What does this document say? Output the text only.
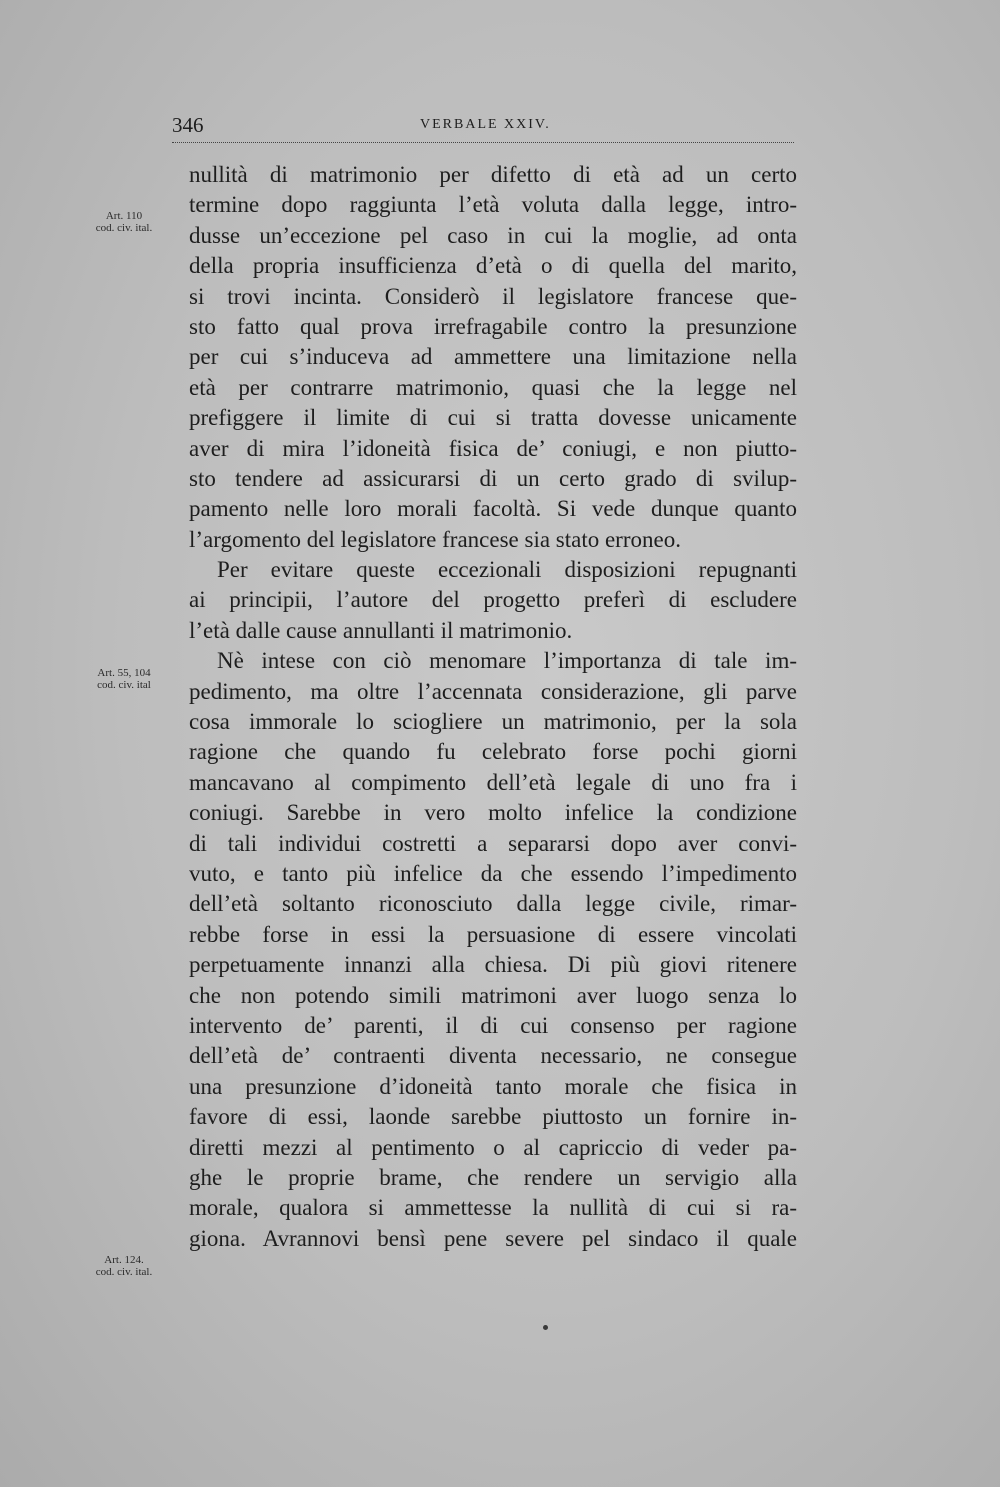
346	VERBALE XXIV.
Art. 110
cod. civ. ital.
Art. 55, 104
cod. civ. ital
Art. 124.
cod. civ. ital.
nullità di matrimonio per difetto di età ad un certo
termine dopo raggiunta l’età voluta dalla legge, intro-
dusse un’eccezione pel caso in cui la moglie, ad onta
della propria insufficienza d’età o di quella del marito,
si trovi incinta. Considerò il legislatore francese que-
sto fatto qual prova irrefragabile contro la presunzione
per cui s’induceva ad ammettere una limitazione nella
età per contrarre matrimonio, quasi che la legge nel
prefiggere il limite di cui si tratta dovesse unicamente
aver di mira l’idoneità fisica de’ coniugi, e non piutto-
sto tendere ad assicurarsi di un certo grado di svilup-
pamento nelle loro morali facoltà. Si vede dunque quanto
l’argomento del legislatore francese sia stato erroneo.
Per evitare queste eccezionali disposizioni repugnanti
ai principii, l’autore del progetto preferì di escludere
l’età dalle cause annullanti il matrimonio.
Nè intese con ciò menomare l’importanza di tale im-
pedimento, ma oltre l’accennata considerazione, gli parve
cosa immorale lo sciogliere un matrimonio, per la sola
ragione che quando fu celebrato forse pochi giorni
mancavano al compimento dell’età legale di uno fra i
coniugi. Sarebbe in vero molto infelice la condizione
di tali individui costretti a separarsi dopo aver convi-
vuto, e tanto più infelice da che essendo l’impedimento
dell’età soltanto riconosciuto dalla legge civile, rimar-
rebbe forse in essi la persuasione di essere vincolati
perpetuamente innanzi alla chiesa. Di più giovi ritenere
che non potendo simili matrimoni aver luogo senza lo
intervento de’ parenti, il di cui consenso per ragione
dell’età de’ contraenti diventa necessario, ne consegue
una presunzione d’idoneità tanto morale che fisica in
favore di essi, laonde sarebbe piuttosto un fornire in-
diretti mezzi al pentimento o al capriccio di veder pa-
ghe le proprie brame, che rendere un servigio alla
morale, qualora si ammettesse la nullità di cui si ra-
giona. Avrannovi bensì pene severe pel sindaco il quale
